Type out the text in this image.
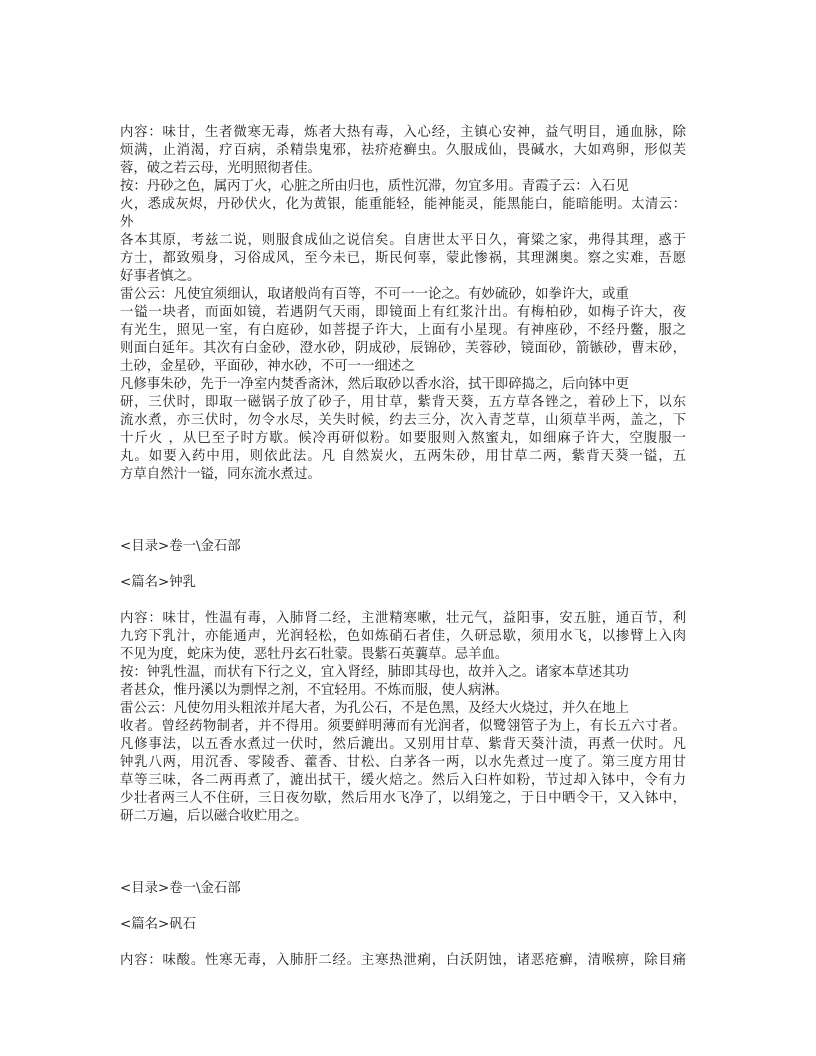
内容：味甘，生者微寒无毒，炼者大热有毒，入心经，主镇心安神，益气明目，通血脉，除
烦满，止消渴，疗百病，杀精祟鬼邪，祛疥疮癣虫。久服成仙，畏碱水，大如鸡卵，形似芙
蓉，破之若云母，光明照彻者佳。
按：丹砂之色，属丙丁火，心脏之所由归也，质性沉滞，勿宜多用。青霞子云：入石见
火，悉成灰烬，丹砂伏火，化为黄银，能重能轻，能神能灵，能黑能白，能暗能明。太清云：
外
各本其原，考兹二说，则服食成仙之说信矣。自唐世太平日久，膏粱之家，弗得其理，惑于
方士，都致殒身，习俗成风，至今未已，斯民何辜，蒙此惨祸，其理渊奥。察之实难，吾愿
好事者慎之。
雷公云：凡使宜须细认，取诸般尚有百等，不可一一论之。有妙硫砂，如拳许大，或重
一镒一块者，而面如镜，若遇阴气天雨，即镜面上有红浆汁出。有梅柏砂，如梅子许大，夜
有光生，照见一室，有白庭砂，如菩提子许大，上面有小星现。有神座砂，不经丹鳖，服之
则面白延年。其次有白金砂，澄水砂，阴成砂，辰锦砂，芙蓉砂，镜面砂，箭镞砂，曹末砂，
土砂，金星砂，平面砂，神水砂，不可一一细述之
凡修事朱砂，先于一净室内焚香斋沐，然后取砂以香水浴，拭干即碎捣之，后向钵中更
研，三伏时，即取一磁锅子放了砂子，用甘草，紫背天葵，五方草各锉之，着砂上下，以东
流水煮，亦三伏时，勿令水尽，关失时候，约去三分，次入青芝草，山须草半两，盖之，下
十斤火 ，从巳至子时方歇。候冷再研似粉。如要服则入熬蜜丸，如细麻子许大，空腹服一
丸。如要入药中用，则依此法。凡 自然炭火，五两朱砂，用甘草二两，紫背天葵一镒，五
方草自然汁一镒，同东流水煮过。
<目录>卷一\金石部
<篇名>钟乳
内容：味甘，性温有毒，入肺肾二经，主泄精寒嗽，壮元气，益阳事，安五脏，通百节，利
九窍下乳汁，亦能通声，光润轻松，色如炼硝石者佳，久研忌歇，须用水飞，以掺臂上入肉
不见为度，蛇床为使，恶牡丹玄石牡蒙。畏紫石英蘘草。忌羊血。
按：钟乳性温，而状有下行之义，宜入肾经，肺即其母也，故并入之。诸家本草述其功
者甚众，惟丹溪以为剽悍之剂，不宜轻用。不炼而服，使人病淋。
雷公云：凡使勿用头粗浓并尾大者，为孔公石，不是色黑，及经大火烧过，并久在地上
收者。曾经药物制者，并不得用。须要鲜明薄而有光润者，似鹭翎管子为上，有长五六寸者。
凡修事法，以五香水煮过一伏时，然后漉出。又别用甘草、紫背天葵汁渍，再煮一伏时。凡
钟乳八两，用沉香、零陵香、藿香、甘松、白茅各一两，以水先煮过一度了。第三度方用甘
草等三味，各二两再煮了，漉出拭干，缓火焙之。然后入臼杵如粉，节过却入钵中，令有力
少壮者两三人不住研，三日夜勿歇，然后用水飞净了，以绢笼之，于日中晒令干，又入钵中，
研二万遍，后以磁合收贮用之。
<目录>卷一\金石部
<篇名>矾石
内容：味酸。性寒无毒，入肺肝二经。主寒热泄痢，白沃阴蚀，诸恶疮癣，清喉痹，除目痛
